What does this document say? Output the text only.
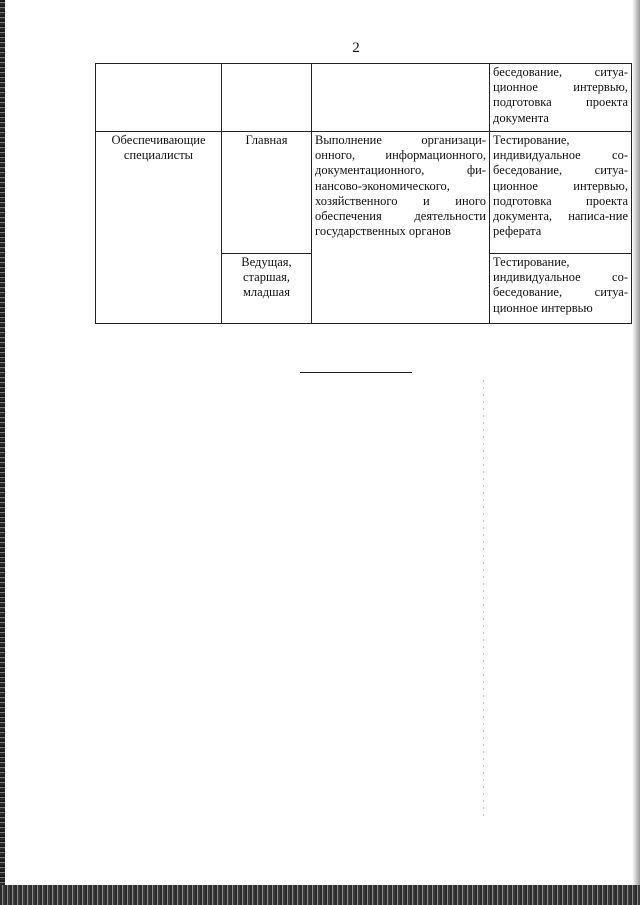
2
			беседование, ситуа-ционное интервью, подготовка проекта документа
Обеспечивающие специалисты	Главная	Выполнение организаци-онного, информационного, документационного, фи-нансово-экономического, хозяйственного и иного обеспечения деятельности государственных органов	Тестирование, индивидуальное со-беседование, ситуа-ционное интервью, подготовка проекта документа, написа-ние реферата
	Ведущая, старшая, младшая		Тестирование, индивидуальное со-беседование, ситуа-ционное интервью
